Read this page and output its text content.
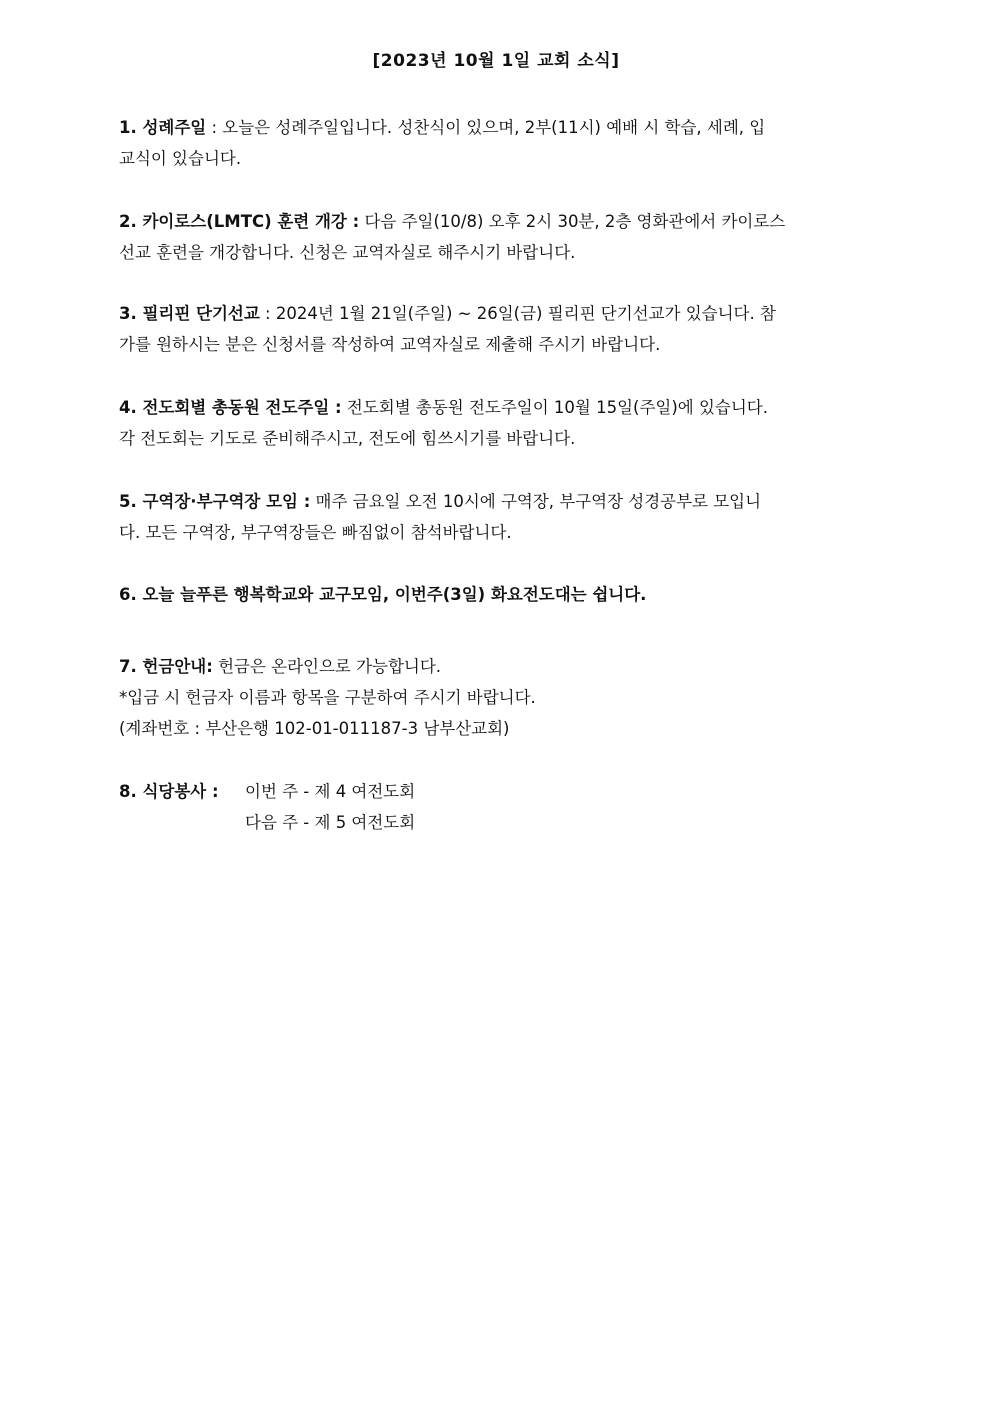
[2023년 10월 1일 교회 소식]
1. 성례주일 : 오늘은 성례주일입니다. 성찬식이 있으며, 2부(11시) 예배 시 학습, 세례, 입
교식이 있습니다.
2. 카이로스(LMTC) 훈련 개강 : 다음 주일(10/8) 오후 2시 30분, 2층 영화관에서 카이로스
선교 훈련을 개강합니다. 신청은 교역자실로 해주시기 바랍니다.
3. 필리핀 단기선교 : 2024년 1월 21일(주일) ~ 26일(금) 필리핀 단기선교가 있습니다. 참
가를 원하시는 분은 신청서를 작성하여 교역자실로 제출해 주시기 바랍니다.
4. 전도회별 총동원 전도주일 : 전도회별 총동원 전도주일이 10월 15일(주일)에 있습니다.
각 전도회는 기도로 준비해주시고, 전도에 힘쓰시기를 바랍니다.
5. 구역장·부구역장 모임 : 매주 금요일 오전 10시에 구역장, 부구역장 성경공부로 모입니
다. 모든 구역장, 부구역장들은 빠짐없이 참석바랍니다.
6. 오늘 늘푸른 행복학교와 교구모임, 이번주(3일) 화요전도대는 쉽니다.
7. 헌금안내: 헌금은 온라인으로 가능합니다.
*입금 시 헌금자 이름과 항목을 구분하여 주시기 바랍니다.
(계좌번호 : 부산은행 102-01-011187-3 남부산교회)
8. 식당봉사 : 이번 주 - 제 4 여전도회
다음 주 - 제 5 여전도회
